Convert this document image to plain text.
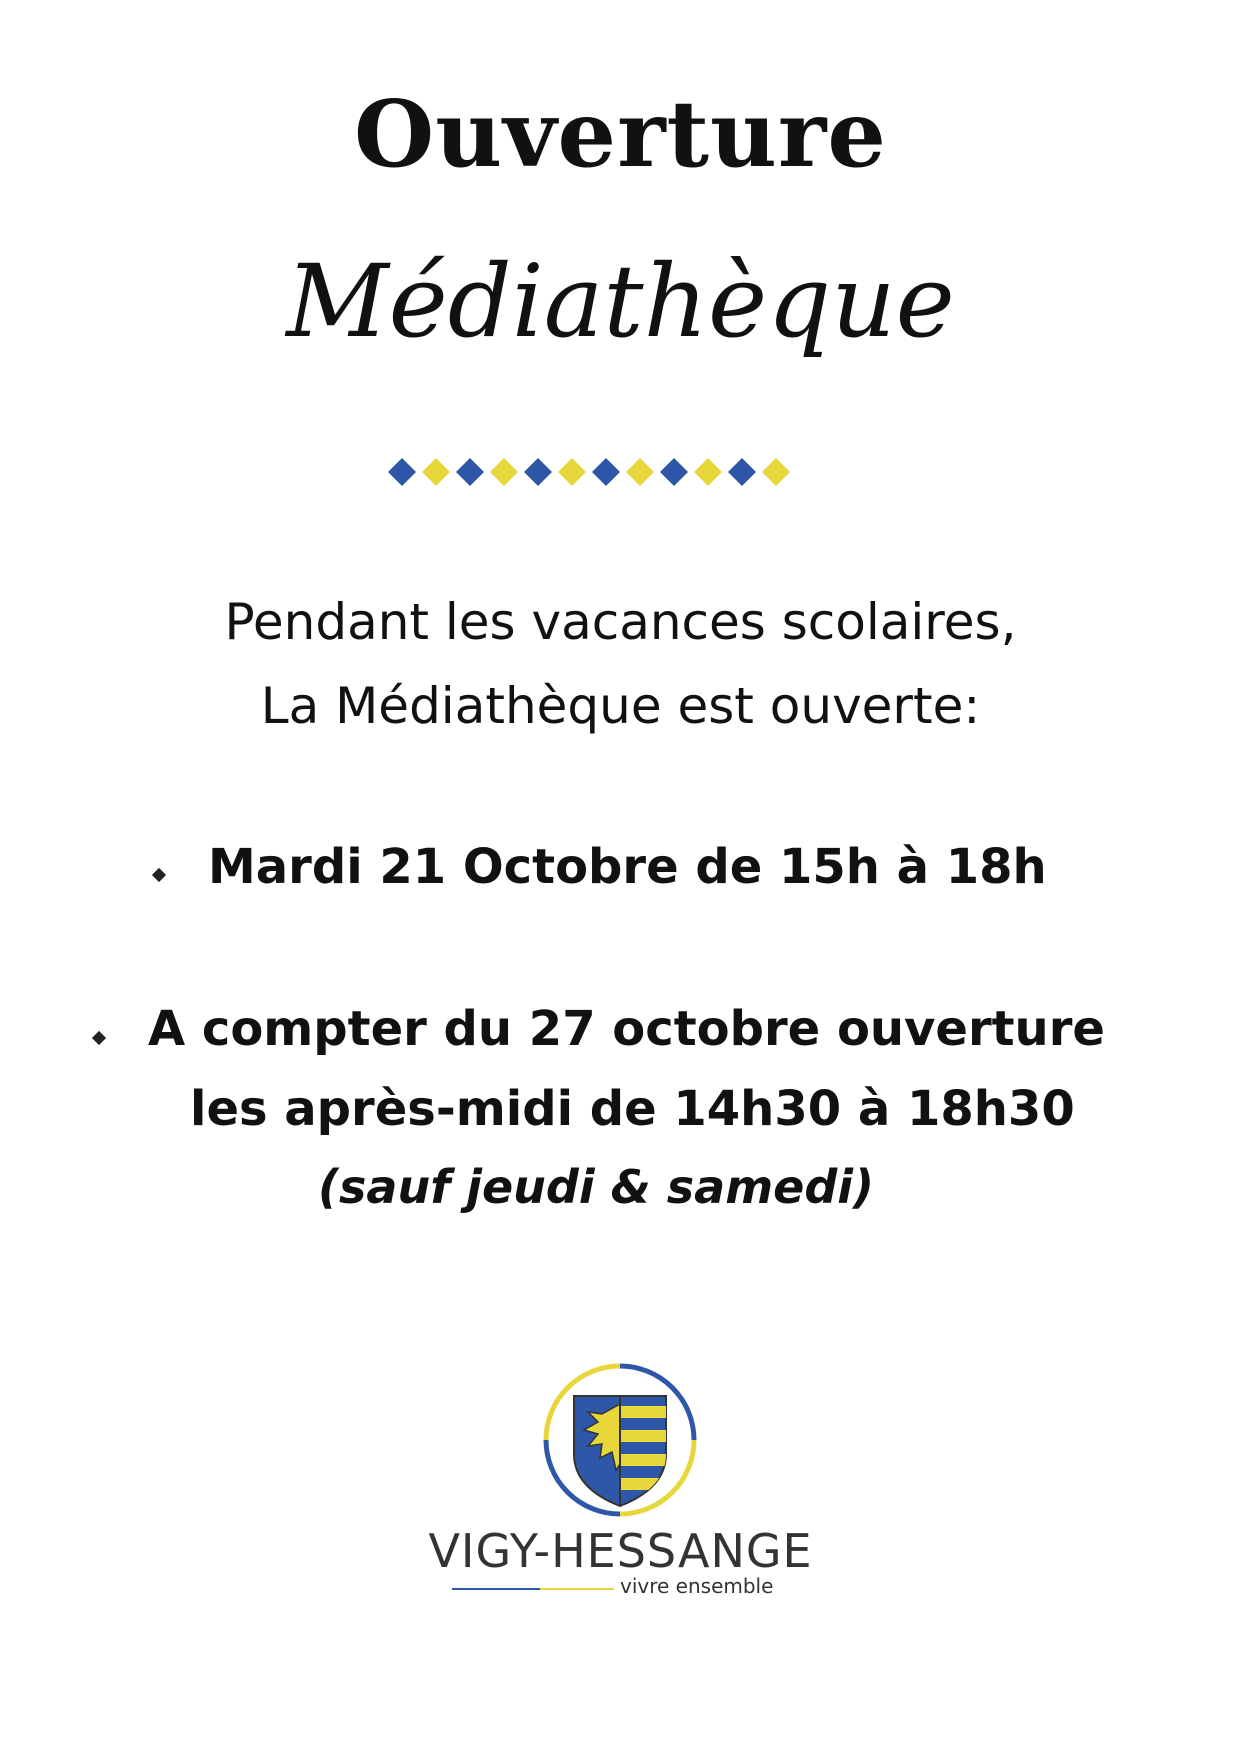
Ouverture
Médiathèque
Pendant les vacances scolaires,
La Médiathèque est ouverte:
Mardi 21 Octobre de 15h à 18h
A compter du 27 octobre ouverture
les après-midi de 14h30 à 18h30
(sauf jeudi & samedi)
VIGY-HESSANGE
vivre ensemble
